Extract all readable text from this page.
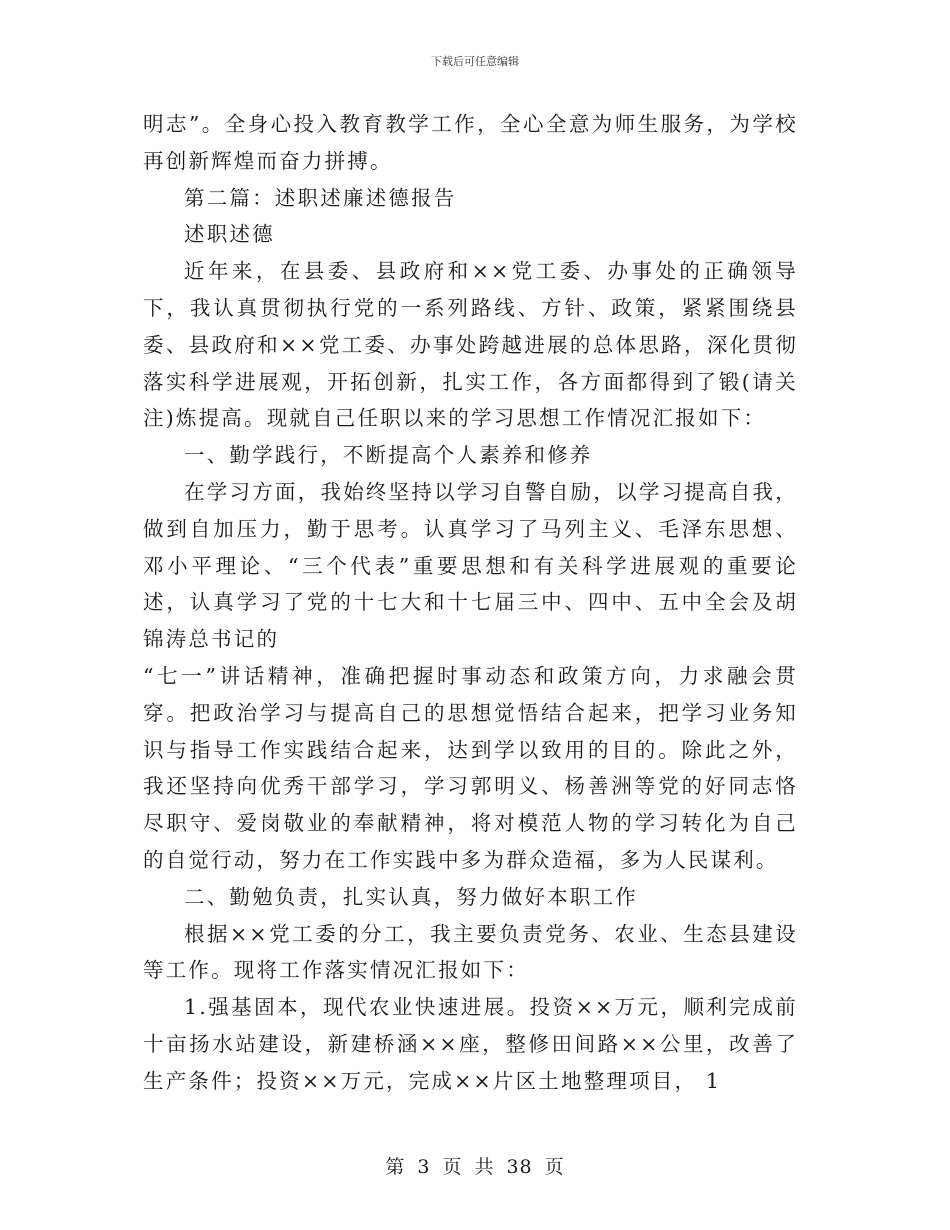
下载后可任意编辑

明志”。全身心投入教育教学工作，全心全意为师生服务，为学校再创新辉煌而奋力拼搏。

第二篇：述职述廉述德报告

述职述德

近年来，在县委、县政府和××党工委、办事处的正确领导下，我认真贯彻执行党的一系列路线、方针、政策，紧紧围绕县委、县政府和××党工委、办事处跨越进展的总体思路，深化贯彻落实科学进展观，开拓创新，扎实工作，各方面都得到了锻(请关注)炼提高。现就自己任职以来的学习思想工作情况汇报如下：

一、勤学践行，不断提高个人素养和修养

在学习方面，我始终坚持以学习自警自励，以学习提高自我，做到自加压力，勤于思考。认真学习了马列主义、毛泽东思想、邓小平理论、“三个代表”重要思想和有关科学进展观的重要论述，认真学习了党的十七大和十七届三中、四中、五中全会及胡锦涛总书记的

“七一”讲话精神，准确把握时事动态和政策方向，力求融会贯穿。把政治学习与提高自己的思想觉悟结合起来，把学习业务知识与指导工作实践结合起来，达到学以致用的目的。除此之外，我还坚持向优秀干部学习，学习郭明义、杨善洲等党的好同志恪尽职守、爱岗敬业的奉献精神，将对模范人物的学习转化为自己的自觉行动，努力在工作实践中多为群众造福，多为人民谋利。

二、勤勉负责，扎实认真，努力做好本职工作

根据××党工委的分工，我主要负责党务、农业、生态县建设等工作。现将工作落实情况汇报如下：

1.强基固本，现代农业快速进展。投资××万元，顺利完成前十亩扬水站建设，新建桥涵××座，整修田间路××公里，改善了生产条件；投资××万元，完成××片区土地整理项目， 1

第 3 页 共 38 页
